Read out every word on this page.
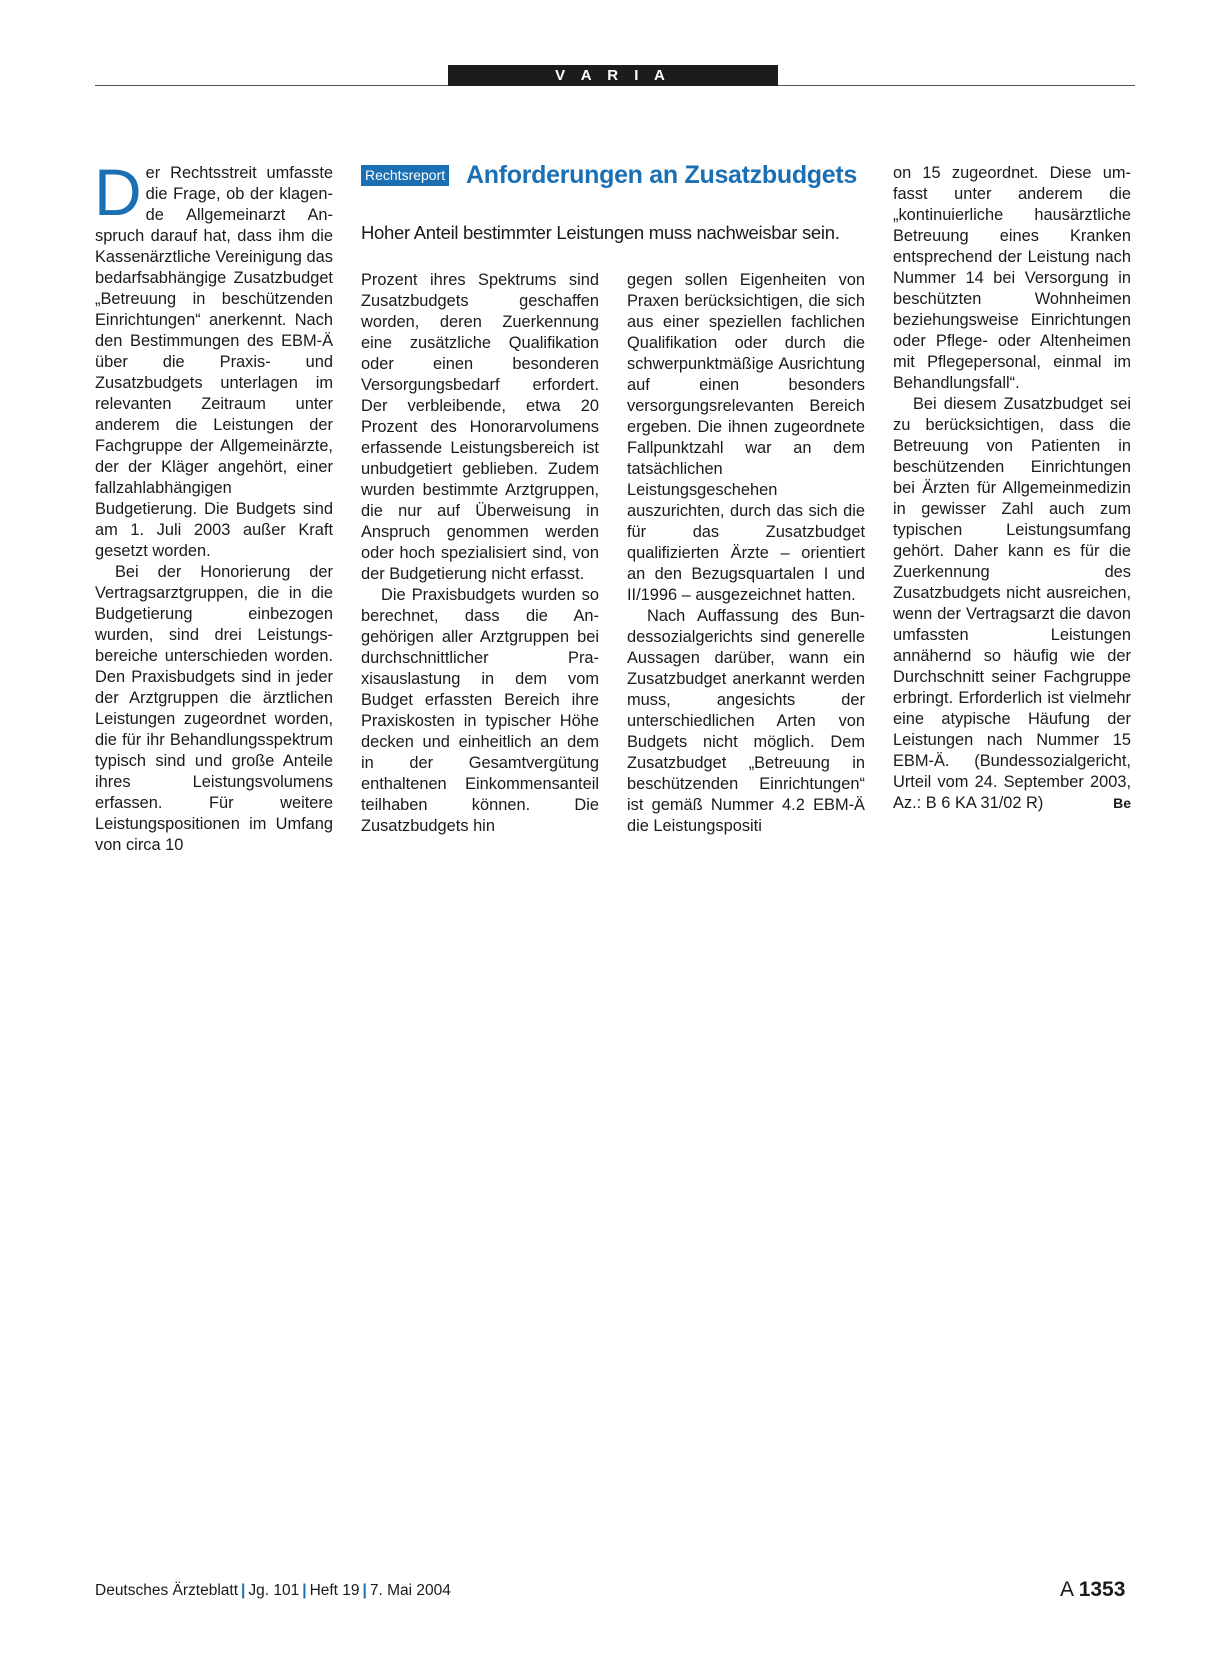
V A R I A

Der Rechtsstreit umfasste die Frage, ob der klagende Allgemeinarzt Anspruch darauf hat, dass ihm die Kassenärztliche Vereinigung das bedarfsabhängige Zusatzbudget „Betreuung in beschützenden Einrichtungen“ anerkennt. Nach den Bestimmungen des EBM-Ä über die Praxis- und Zusatzbudgets unterlagen im relevanten Zeitraum unter anderem die Leistungen der Fachgruppe der Allgemeinärzte, der der Kläger angehört, einer fallzahlabhängigen Budgetierung. Die Budgets sind am 1. Juli 2003 außer Kraft gesetzt worden.

Bei der Honorierung der Vertragsarztgruppen, die in die Budgetierung einbezogen wurden, sind drei Leistungsbereiche unterschieden worden. Den Praxisbudgets sind in jeder der Arztgruppen die ärztlichen Leistungen zugeordnet worden, die für ihr Behandlungsspektrum typisch sind und große Anteile ihres Leistungsvolumens erfassen. Für weitere Leistungspositionen im Umfang von circa 10

Rechtsreport Anforderungen an Zusatzbudgets
Hoher Anteil bestimmter Leistungen muss nachweisbar sein.

Prozent ihres Spektrums sind Zusatzbudgets geschaffen worden, deren Zuerkennung eine zusätzliche Qualifikation oder einen besonderen Versorgungsbedarf erfordert. Der verbleibende, etwa 20 Prozent des Honorarvolumens erfassende Leistungsbereich ist unbudgetiert geblieben. Zudem wurden bestimmte Arztgruppen, die nur auf Überweisung in Anspruch genommen werden oder hoch spezialisiert sind, von der Budgetierung nicht erfasst.

Die Praxisbudgets wurden so berechnet, dass die Angehörigen aller Arztgruppen bei durchschnittlicher Praxisauslastung in dem vom Budget erfassten Bereich ihre Praxiskosten in typischer Höhe decken und einheitlich an dem in der Gesamtvergütung enthaltenen Einkommensanteil teilhaben können. Die Zusatzbudgets hin

gegen sollen Eigenheiten von Praxen berücksichtigen, die sich aus einer speziellen fachlichen Qualifikation oder durch die schwerpunktmäßige Ausrichtung auf einen besonders versorgungsrelevanten Bereich ergeben. Die ihnen zugeordnete Fallpunktzahl war an dem tatsächlichen Leistungsgeschehen auszurichten, durch das sich die für das Zusatzbudget qualifizierten Ärzte – orientiert an den Bezugsquartalen I und II/1996 – ausgezeichnet hatten.

Nach Auffassung des Bundessozialgerichts sind generelle Aussagen darüber, wann ein Zusatzbudget anerkannt werden muss, angesichts der unterschiedlichen Arten von Budgets nicht möglich. Dem Zusatzbudget „Betreuung in beschützenden Einrichtungen“ ist gemäß Nummer 4.2 EBM-Ä die Leistungspositi

on 15 zugeordnet. Diese umfasst unter anderem die „kontinuierliche hausärztliche Betreuung eines Kranken entsprechend der Leistung nach Nummer 14 bei Versorgung in beschützten Wohnheimen beziehungsweise Einrichtungen oder Pflege- oder Altenheimen mit Pflegepersonal, einmal im Behandlungsfall“.

Bei diesem Zusatzbudget sei zu berücksichtigen, dass die Betreuung von Patienten in beschützenden Einrichtungen bei Ärzten für Allgemeinmedizin in gewisser Zahl auch zum typischen Leistungsumfang gehört. Daher kann es für die Zuerkennung des Zusatzbudgets nicht ausreichen, wenn der Vertragsarzt die davon umfassten Leistungen annähernd so häufig wie der Durchschnitt seiner Fachgruppe erbringt. Erforderlich ist vielmehr eine atypische Häufung der Leistungen nach Nummer 15 EBM-Ä. (Bundessozialgericht, Urteil vom 24. September 2003, Az.: B 6 KA 31/02 R)	Be

Deutsches Ärzteblatt | Jg. 101 | Heft 19 | 7. Mai 2004	A 1353
